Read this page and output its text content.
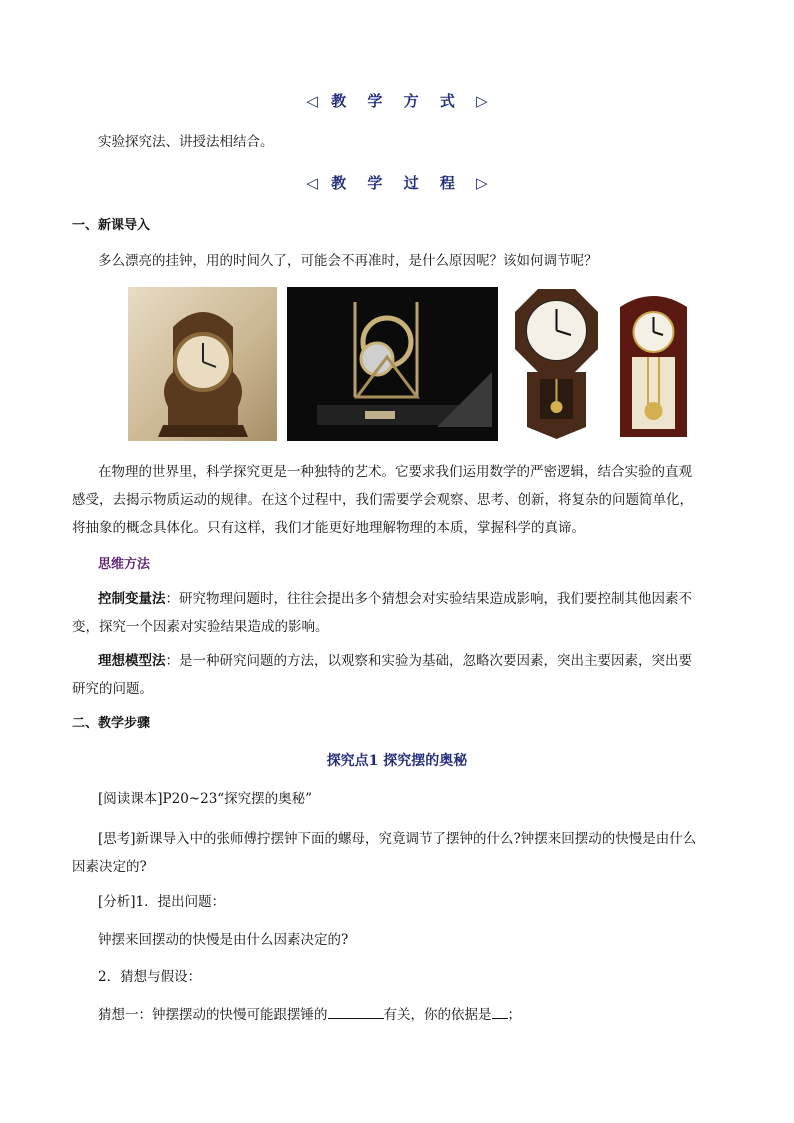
◁ 教 学 方 式 ▷
实验探究法、讲授法相结合。
◁ 教 学 过 程 ▷
一、新课导入
多么漂亮的挂钟，用的时间久了，可能会不再准时，是什么原因呢？该如何调节呢？
在物理的世界里，科学探究更是一种独特的艺术。它要求我们运用数学的严密逻辑，结合实验的直观
感受，去揭示物质运动的规律。在这个过程中，我们需要学会观察、思考、创新，将复杂的问题简单化，
将抽象的概念具体化。只有这样，我们才能更好地理解物理的本质，掌握科学的真谛。
思维方法
控制变量法：研究物理问题时，往往会提出多个猜想会对实验结果造成影响，我们要控制其他因素不
变，探究一个因素对实验结果造成的影响。
理想模型法：是一种研究问题的方法，以观察和实验为基础，忽略次要因素，突出主要因素，突出要
研究的问题。
二、教学步骤
探究点1 探究摆的奥秘
[阅读课本]P20~23“探究摆的奥秘”
[思考]新课导入中的张师傅拧摆钟下面的螺母，究竟调节了摆钟的什么?钟摆来回摆动的快慢是由什么
因素决定的?
[分析]1．提出问题：
钟摆来回摆动的快慢是由什么因素决定的?
2．猜想与假设：
猜想一：钟摆摆动的快慢可能跟摆锤的	有关，你的依据是 ；
